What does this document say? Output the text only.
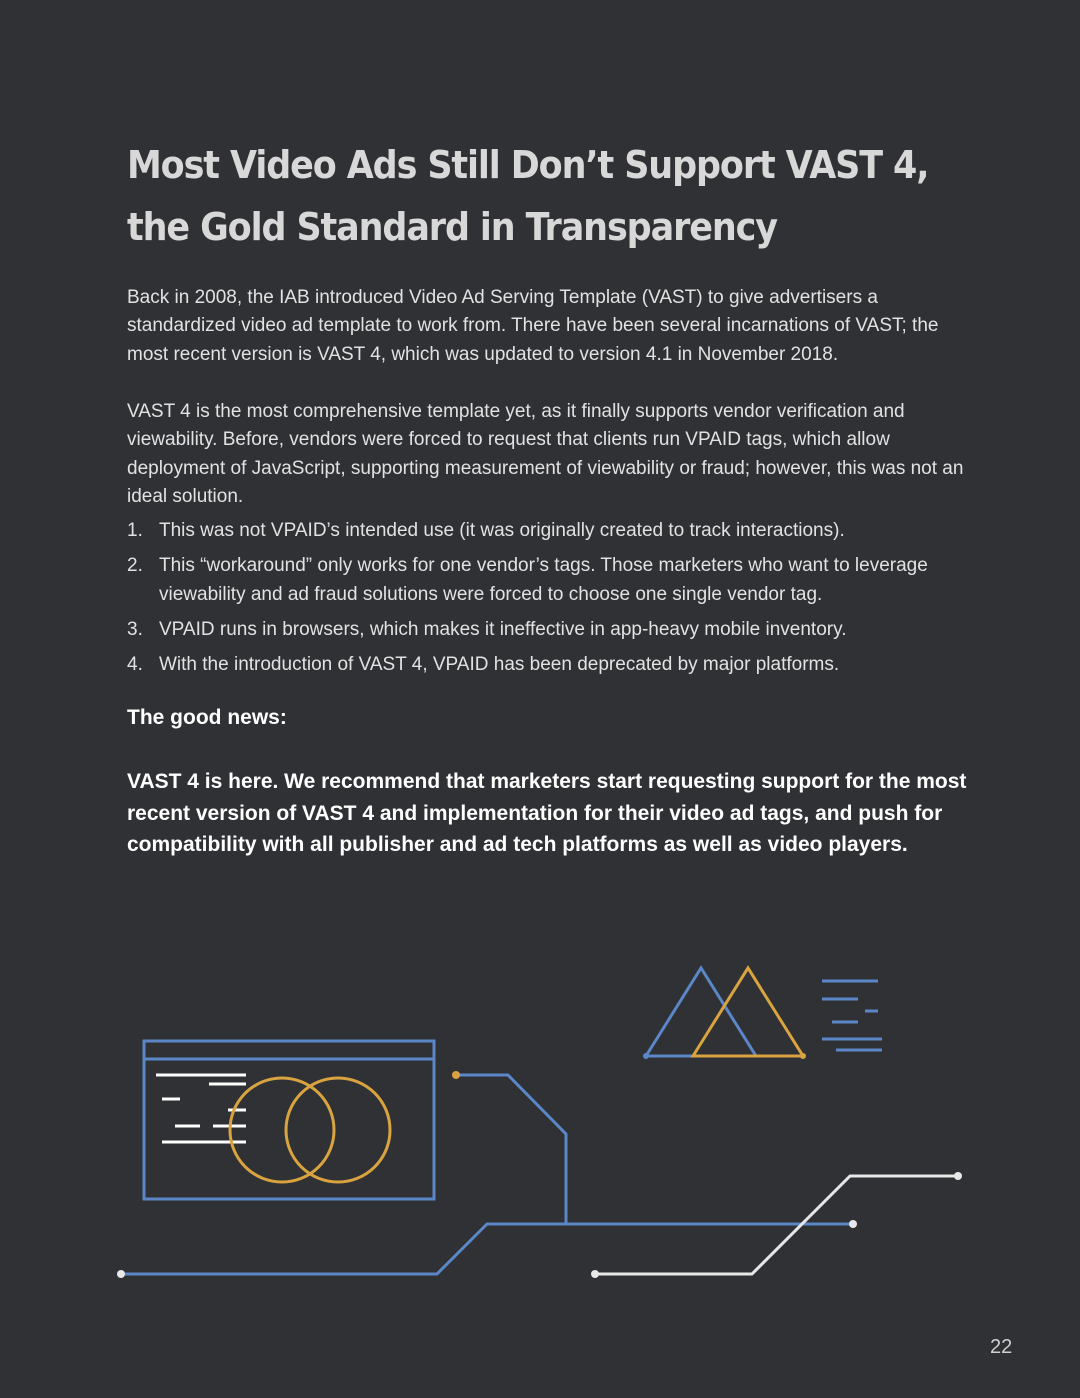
Most Video Ads Still Don’t Support VAST 4,
the Gold Standard in Transparency

Back in 2008, the IAB introduced Video Ad Serving Template (VAST) to give advertisers a standardized video ad template to work from. There have been several incarnations of VAST; the most recent version is VAST 4, which was updated to version 4.1 in November 2018.

VAST 4 is the most comprehensive template yet, as it finally supports vendor verification and viewability. Before, vendors were forced to request that clients run VPAID tags, which allow deployment of JavaScript, supporting measurement of viewability or fraud; however, this was not an ideal solution.

1. This was not VPAID’s intended use (it was originally created to track interactions).
2. This “workaround” only works for one vendor’s tags. Those marketers who want to leverage viewability and ad fraud solutions were forced to choose one single vendor tag.
3. VPAID runs in browsers, which makes it ineffective in app-heavy mobile inventory.
4. With the introduction of VAST 4, VPAID has been deprecated by major platforms.
The good news:

VAST 4 is here. We recommend that marketers start requesting support for the most recent version of VAST 4 and implementation for their video ad tags, and push for compatibility with all publisher and ad tech platforms as well as video players.

22
